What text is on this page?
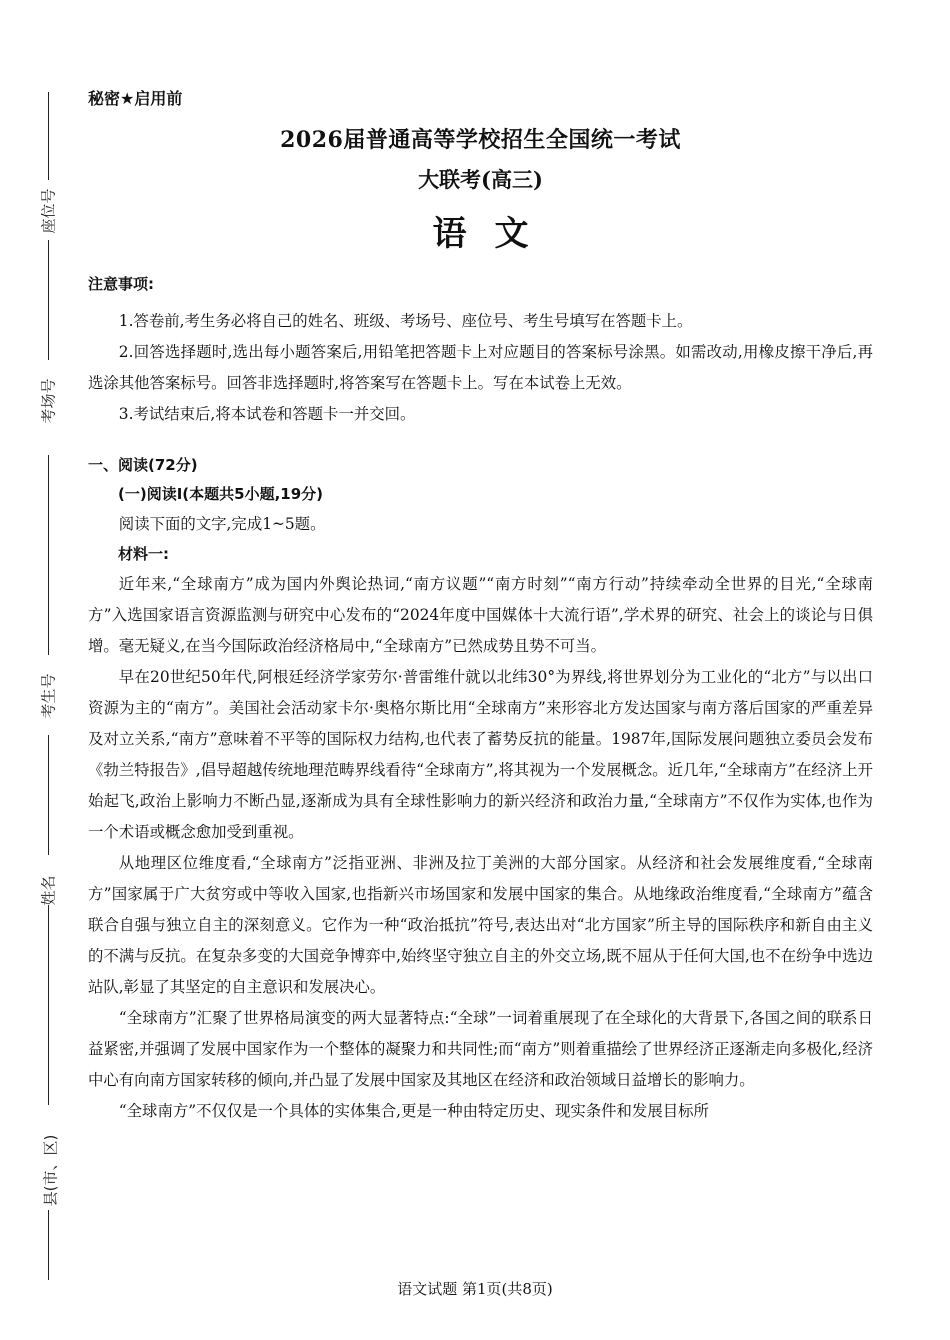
座位号
考场号
考生号
姓名
县(市、区)
秘密★启用前
2026届普通高等学校招生全国统一考试
大联考(高三)
语文
注意事项:

1.答卷前,考生务必将自己的姓名、班级、考场号、座位号、考生号填写在答题卡上。

2.回答选择题时,选出每小题答案后,用铅笔把答题卡上对应题目的答案标号涂黑。如需改动,用橡皮擦干净后,再选涂其他答案标号。回答非选择题时,将答案写在答题卡上。写在本试卷上无效。

3.考试结束后,将本试卷和答题卡一并交回。

一、阅读(72分)
(一)阅读Ⅰ(本题共5小题,19分)
阅读下面的文字,完成1~5题。
材料一:

近年来,“全球南方”成为国内外舆论热词,“南方议题”“南方时刻”“南方行动”持续牵动全世界的目光,“全球南方”入选国家语言资源监测与研究中心发布的“2024年度中国媒体十大流行语”,学术界的研究、社会上的谈论与日俱增。毫无疑义,在当今国际政治经济格局中,“全球南方”已然成势且势不可当。

早在20世纪50年代,阿根廷经济学家劳尔·普雷维什就以北纬30°为界线,将世界划分为工业化的“北方”与以出口资源为主的“南方”。美国社会活动家卡尔·奥格尔斯比用“全球南方”来形容北方发达国家与南方落后国家的严重差异及对立关系,“南方”意味着不平等的国际权力结构,也代表了蓄势反抗的能量。1987年,国际发展问题独立委员会发布《勃兰特报告》,倡导超越传统地理范畴界线看待“全球南方”,将其视为一个发展概念。近几年,“全球南方”在经济上开始起飞,政治上影响力不断凸显,逐渐成为具有全球性影响力的新兴经济和政治力量,“全球南方”不仅作为实体,也作为一个术语或概念愈加受到重视。

从地理区位维度看,“全球南方”泛指亚洲、非洲及拉丁美洲的大部分国家。从经济和社会发展维度看,“全球南方”国家属于广大贫穷或中等收入国家,也指新兴市场国家和发展中国家的集合。从地缘政治维度看,“全球南方”蕴含联合自强与独立自主的深刻意义。它作为一种“政治抵抗”符号,表达出对“北方国家”所主导的国际秩序和新自由主义的不满与反抗。在复杂多变的大国竞争博弈中,始终坚守独立自主的外交立场,既不屈从于任何大国,也不在纷争中选边站队,彰显了其坚定的自主意识和发展决心。

“全球南方”汇聚了世界格局演变的两大显著特点:“全球”一词着重展现了在全球化的大背景下,各国之间的联系日益紧密,并强调了发展中国家作为一个整体的凝聚力和共同性;而“南方”则着重描绘了世界经济正逐渐走向多极化,经济中心有向南方国家转移的倾向,并凸显了发展中国家及其地区在经济和政治领域日益增长的影响力。

“全球南方”不仅仅是一个具体的实体集合,更是一种由特定历史、现实条件和发展目标所

语文试题 第1页(共8页)
